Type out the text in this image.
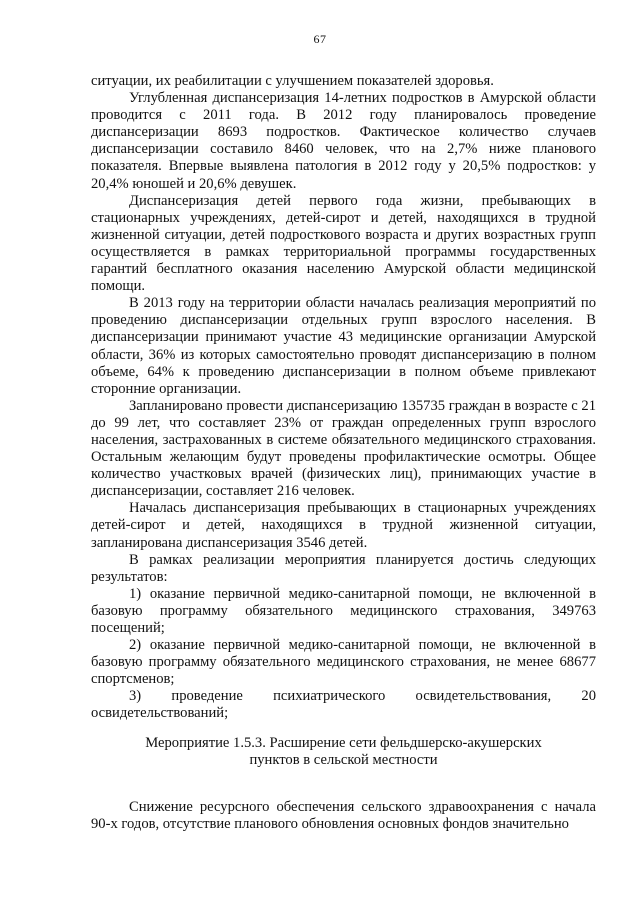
67

ситуации, их реабилитации с улучшением показателей здоровья.

Углубленная диспансеризация 14-летних подростков в Амурской области проводится с 2011 года. В 2012 году планировалось проведение диспансеризации 8693 подростков. Фактическое количество случаев диспансеризации составило 8460 человек, что на 2,7% ниже планового показателя. Впервые выявлена патология в 2012 году у 20,5% подростков: у 20,4% юношей и 20,6% девушек.

Диспансеризация детей первого года жизни, пребывающих в стационарных учреждениях, детей-сирот и детей, находящихся в трудной жизненной ситуации, детей подросткового возраста и других возрастных групп осуществляется в рамках территориальной программы государственных гарантий бесплатного оказания населению Амурской области медицинской помощи.

В 2013 году на территории области началась реализация мероприятий по проведению диспансеризации отдельных групп взрослого населения. В диспансеризации принимают участие 43 медицинские организации Амурской области, 36% из которых самостоятельно проводят диспансеризацию в полном объеме, 64% к проведению диспансеризации в полном объеме привлекают сторонние организации.

Запланировано провести диспансеризацию 135735 граждан в возрасте с 21 до 99 лет, что составляет 23% от граждан определенных групп взрослого населения, застрахованных в системе обязательного медицинского страхования. Остальным желающим будут проведены профилактические осмотры. Общее количество участковых врачей (физических лиц), принимающих участие в диспансеризации, составляет 216 человек.

Началась диспансеризация пребывающих в стационарных учреждениях детей-сирот и детей, находящихся в трудной жизненной ситуации, запланирована диспансеризация 3546 детей.

В рамках реализации мероприятия планируется достичь следующих результатов:

1) оказание первичной медико-санитарной помощи, не включенной в базовую программу обязательного медицинского страхования, 349763 посещений;

2) оказание первичной медико-санитарной помощи, не включенной в базовую программу обязательного медицинского страхования, не менее 68677 спортсменов;

3) проведение психиатрического освидетельствования, 20 освидетельствований;

Мероприятие 1.5.3. Расширение сети фельдшерско-акушерских
пунктов в сельской местности

Снижение ресурсного обеспечения сельского здравоохранения с начала 90-х годов, отсутствие планового обновления основных фондов значительно
